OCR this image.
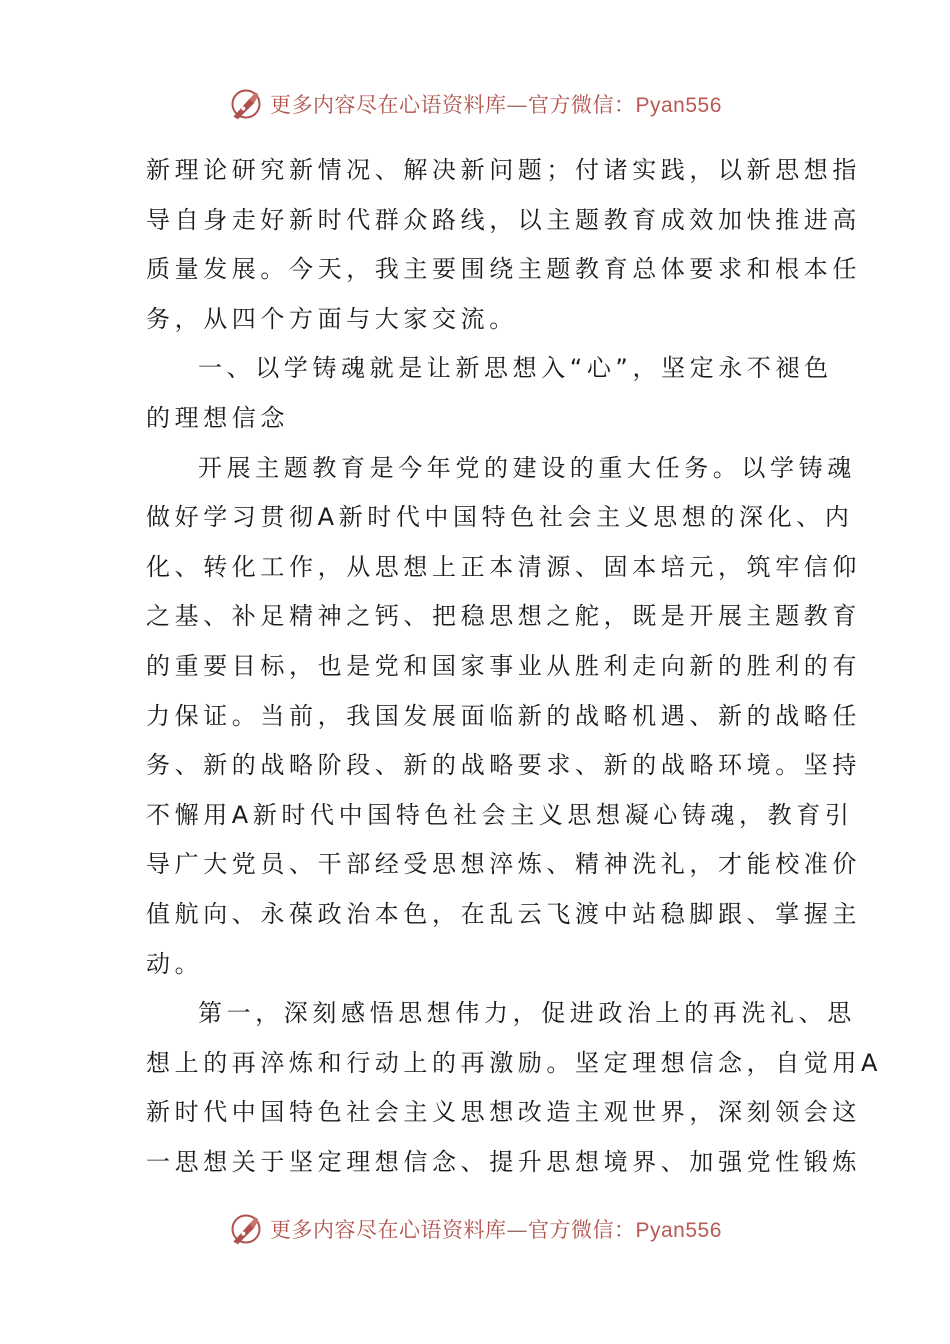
更多内容尽在心语资料库—官方微信：Pyan556
新理论研究新情况、解决新问题；付诸实践，以新思想指
导自身走好新时代群众路线，以主题教育成效加快推进高
质量发展。今天，我主要围绕主题教育总体要求和根本任
务，从四个方面与大家交流。
一、以学铸魂就是让新思想入“心”，坚定永不褪色
的理想信念
开展主题教育是今年党的建设的重大任务。以学铸魂
做好学习贯彻A新时代中国特色社会主义思想的深化、内
化、转化工作，从思想上正本清源、固本培元，筑牢信仰
之基、补足精神之钙、把稳思想之舵，既是开展主题教育
的重要目标，也是党和国家事业从胜利走向新的胜利的有
力保证。当前，我国发展面临新的战略机遇、新的战略任
务、新的战略阶段、新的战略要求、新的战略环境。坚持
不懈用A新时代中国特色社会主义思想凝心铸魂，教育引
导广大党员、干部经受思想淬炼、精神洗礼，才能校准价
值航向、永葆政治本色，在乱云飞渡中站稳脚跟、掌握主
动。
第一，深刻感悟思想伟力，促进政治上的再洗礼、思
想上的再淬炼和行动上的再激励。坚定理想信念，自觉用A
新时代中国特色社会主义思想改造主观世界，深刻领会这
一思想关于坚定理想信念、提升思想境界、加强党性锻炼
更多内容尽在心语资料库—官方微信：Pyan556
